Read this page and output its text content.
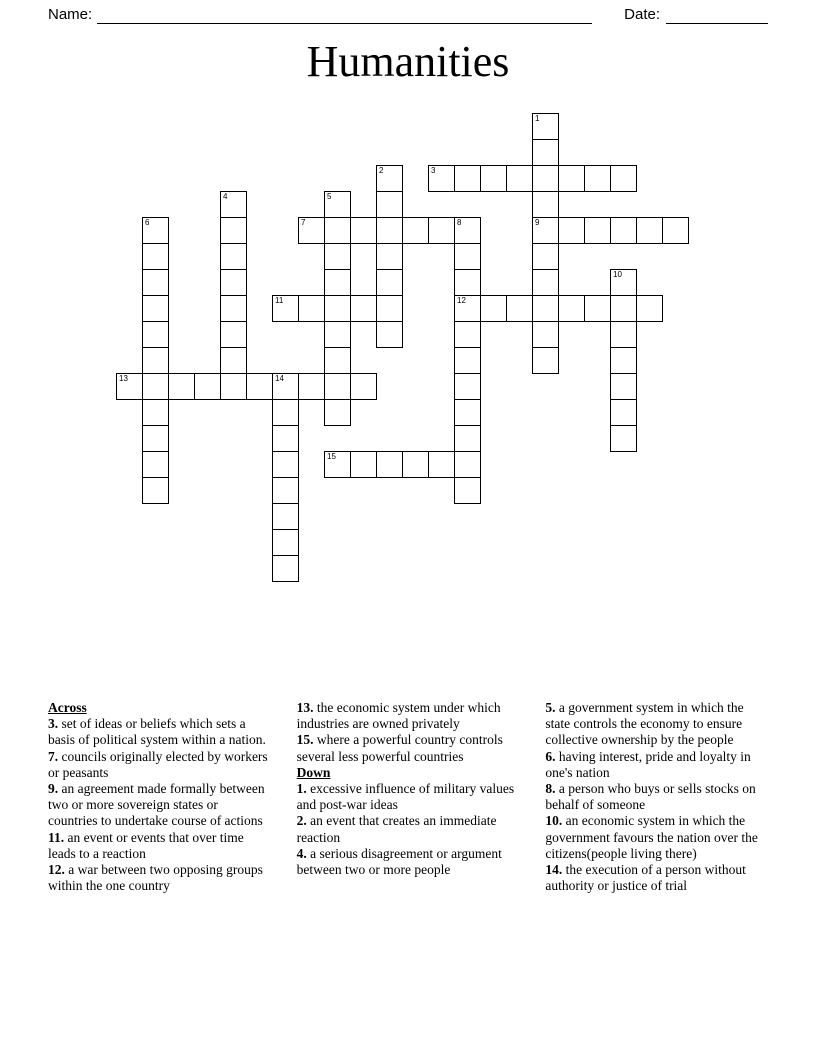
Name:	Date:
Humanities
1
9
2	3
4	5
6	7	8
12
10
11
13	14
15

Across

3. set of ideas or beliefs which sets a basis of political system within a nation.

7. councils originally elected by workers or peasants

9. an agreement made formally between two or more sovereign states or countries to undertake course of actions

11. an event or events that over time leads to a reaction

12. a war between two opposing groups within the one country

13. the economic system under which industries are owned privately

15. where a powerful country controls several less powerful countries

Down

1. excessive influence of military values and post-war ideas

2. an event that creates an immediate reaction

4. a serious disagreement or argument between two or more people

5. a government system in which the state controls the economy to ensure collective ownership by the people

6. having interest, pride and loyalty in one's nation

8. a person who buys or sells stocks on behalf of someone

10. an economic system in which the government favours the nation over the citizens(people living there)

14. the execution of a person without authority or justice of trial
